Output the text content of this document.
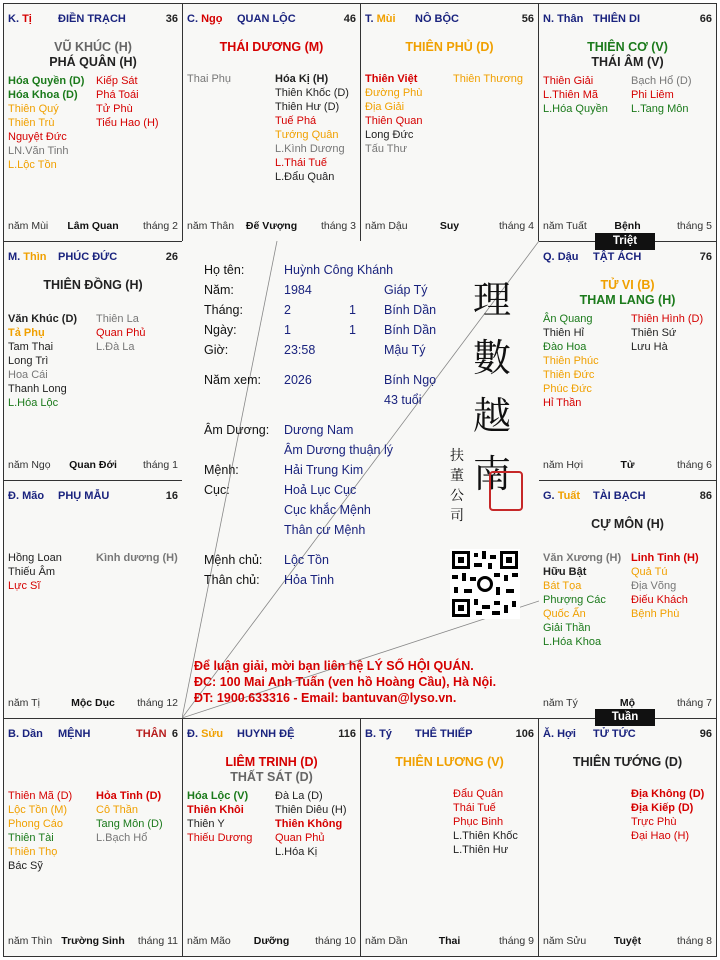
K. Tị ĐIỀN TRẠCH	36
VŨ KHÚC (H)
PHÁ QUÂN (H)
Hóa Quyền (D)
Hóa Khoa (D)
Thiên Quý
Thiên Trù
Nguyệt Đức
LN.Văn Tinh
L.Lộc Tồn
Kiếp Sát
Phá Toái
Tử Phù
Tiểu Hao (H)
năm Mùi	Lâm Quan	tháng 2
C. Ngọ QUAN LỘC	46
THÁI DƯƠNG (M)
Thai Phụ	Hóa Kị (H)
Thiên Khốc (D)
Thiên Hư (D)
Tuế Phá
Tướng Quân
L.Kình Dương
L.Thái Tuế
L.Đẩu Quân
năm Thân	Đế Vượng	tháng 3
T. Mùi NÔ BỘC	56
THIÊN PHỦ (D)
Thiên Việt
Đường Phù
Địa Giải
Thiên Quan
Long Đức
Tấu Thư
Thiên Thương
năm Dậu	Suy	tháng 4
N. Thân THIÊN DI	66
THIÊN CƠ (V)
THÁI ÂM (V)
Thiên Giải
L.Thiên Mã
L.Hóa Quyền
Bạch Hổ (D)
Phi Liêm
L.Tang Môn
năm Tuất	Bệnh	tháng 5
M. Thìn PHÚC ĐỨC	26
THIÊN ĐỒNG (H)
Văn Khúc (D)
Tả Phụ
Tam Thai
Long Trì
Hoa Cái
Thanh Long
L.Hóa Lộc
Thiên La
Quan Phủ
L.Đà La
năm Ngọ	Quan Đới	tháng 1
Q. Dậu TẬT ÁCH	76
TỬ VI (B)
THAM LANG (H)
Ân Quang
Thiên Hỉ
Đào Hoa
Thiên Phúc
Thiên Đức
Phúc Đức
Hỉ Thần
Thiên Hình (D)
Thiên Sứ
Lưu Hà
năm Hợi	Tử	tháng 6
Đ. Mão PHỤ MẪU	16
Hồng Loan
Thiếu Âm
Lực Sĩ
Kình dương (H)
năm Tị	Mộc Dục	tháng 12
G. Tuất TÀI BẠCH	86
CỰ MÔN (H)
Văn Xương (H)
Hữu Bật
Bát Tọa
Phượng Các
Quốc Ấn
Giải Thần
L.Hóa Khoa
Linh Tinh (H)
Quả Tú
Địa Võng
Điếu Khách
Bệnh Phù
năm Tý	Mộ	tháng 7
B. Dần MỆNH	THÂN 6
Thiên Mã (D)
Lộc Tồn (M)
Phong Cáo
Thiên Tài
Thiên Thọ
Bác Sỹ
Hỏa Tinh (D)
Cô Thần
Tang Môn (D)
L.Bạch Hổ
năm Thìn Trường Sinh	tháng 11
Đ. Sửu HUYNH ĐỆ	116
LIÊM TRINH (D)
THẤT SÁT (D)
Hóa Lộc (V)
Thiên Khôi
Thiên Y
Thiếu Dương
Đà La (D)
Thiên Diêu (H)
Thiên Không
Quan Phủ
L.Hóa Kị
năm Mão	Dưỡng	tháng 10
B. Tý THÊ THIẾP	106
THIÊN LƯƠNG (V)
Đẩu Quân
Thái Tuế
Phục Binh
L.Thiên Khốc
L.Thiên Hư
năm Dần	Thai	tháng 9
Ă. Hợi TỬ TỨC	96
THIÊN TƯỚNG (D)
Địa Không (D)
Địa Kiếp (D)
Trực Phù
Đại Hao (H)
năm Sửu	Tuyệt	tháng 8
Họ tên:	Huỳnh Công Khánh
Năm:	1984	Giáp Tý
Tháng:	2	1 Bính Dần
Ngày:	1	1 Bính Dần
Giờ:	23:58	Mậu Tý
Năm xem: 2026	Bính Ngọ
43 tuổi
Âm Dương: Dương Nam
Âm Dương thuận lý
Mệnh:	Hải Trung Kim
Cục:	Hoả Lục Cục
Cục khắc Mệnh
Thân cư Mệnh
Mệnh chủ: Lộc Tồn
Thân chủ: Hỏa Tinh
理
數
越
南
扶
董
公
司
Để luận giải, mời bạn liên hệ LÝ SỐ HỘI QUÁN.
ĐC: 100 Mai Anh Tuấn (ven hồ Hoàng Cầu), Hà Nội.
ĐT: 1900.633316 - Email: bantuvan@lyso.vn.
Triệt
Tuần
